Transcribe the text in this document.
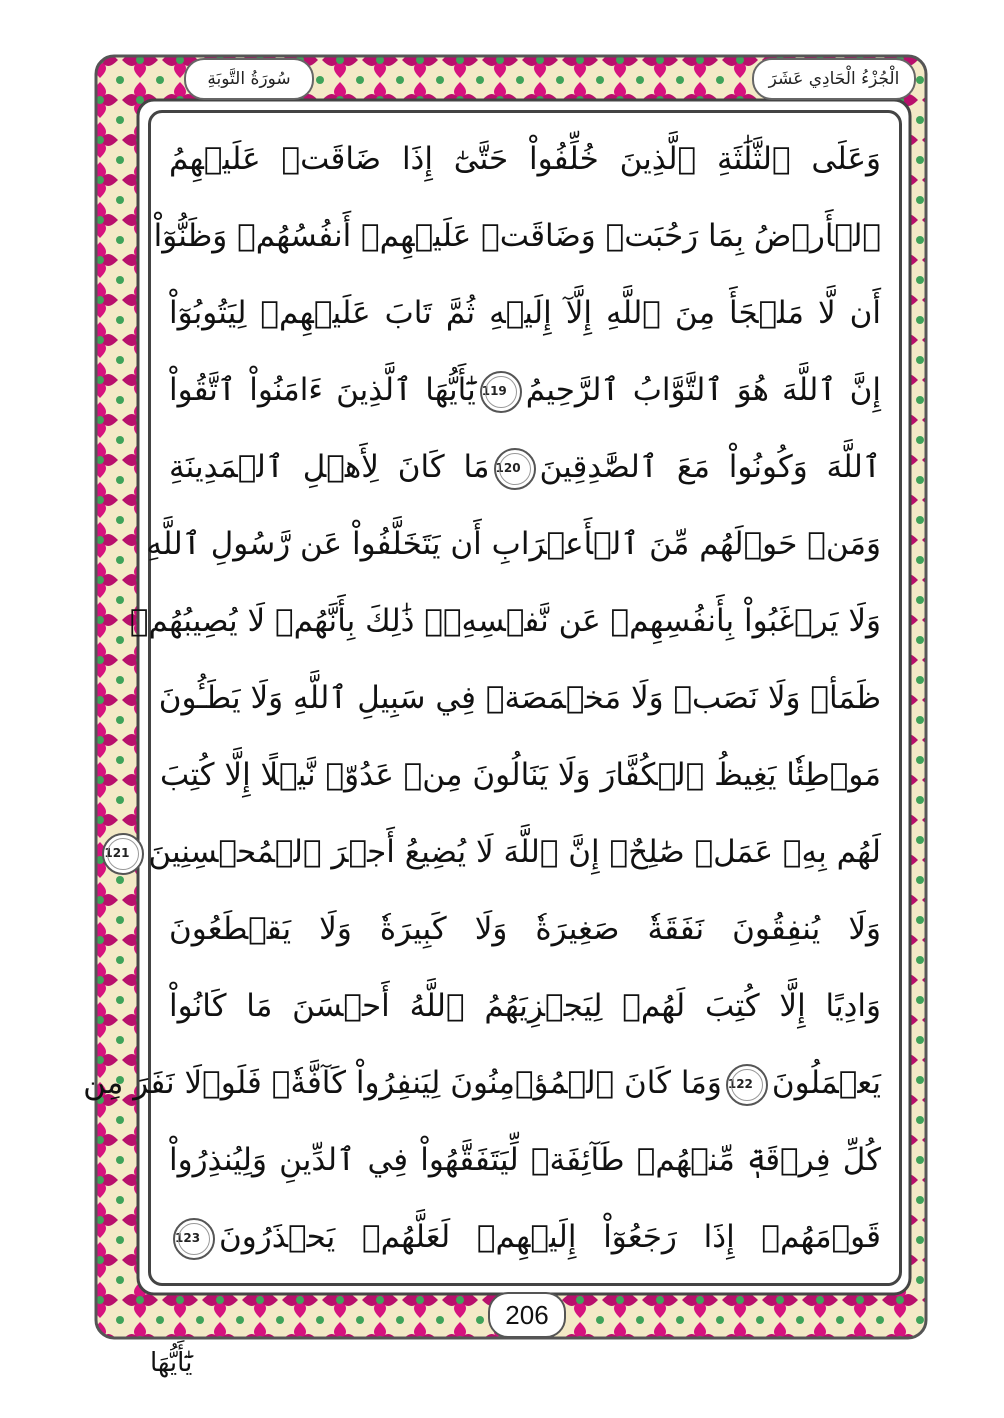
الْجُزْءُ الْحَادِي عَشَرَ
سُورَةُ التَّوبَةِ
وَعَلَى ٱلثَّلَٰثَةِ ٱلَّذِينَ خُلِّفُواْ حَتَّىٰٓ إِذَا ضَاقَتۡ عَلَيۡهِمُ
ٱلۡأَرۡضُ بِمَا رَحُبَتۡ وَضَاقَتۡ عَلَيۡهِمۡ أَنفُسُهُمۡ وَظَنُّوٓاْ
أَن لَّا مَلۡجَأَ مِنَ ٱللَّهِ إِلَّآ إِلَيۡهِ ثُمَّ تَابَ عَلَيۡهِمۡ لِيَتُوبُوٓاْ
إِنَّ ٱللَّهَ هُوَ ٱلتَّوَّابُ ٱلرَّحِيمُ119يَٰٓأَيُّهَا ٱلَّذِينَ ءَامَنُواْ ٱتَّقُواْ
ٱللَّهَ وَكُونُواْ مَعَ ٱلصَّٰدِقِينَ120مَا كَانَ لِأَهۡلِ ٱلۡمَدِينَةِ
وَمَنۡ حَوۡلَهُم مِّنَ ٱلۡأَعۡرَابِ أَن يَتَخَلَّفُواْ عَن رَّسُولِ ٱللَّهِ
وَلَا يَرۡغَبُواْ بِأَنفُسِهِمۡ عَن نَّفۡسِهِۦۚ ذَٰلِكَ بِأَنَّهُمۡ لَا يُصِيبُهُمۡ
ظَمَأٞ وَلَا نَصَبٞ وَلَا مَخۡمَصَةٞ فِي سَبِيلِ ٱللَّهِ وَلَا يَطَـُٔونَ
مَوۡطِئٗا يَغِيظُ ٱلۡكُفَّارَ وَلَا يَنَالُونَ مِنۡ عَدُوّٖ نَّيۡلًا إِلَّا كُتِبَ
لَهُم بِهِۦ عَمَلٞ صَٰلِحٌۚ إِنَّ ٱللَّهَ لَا يُضِيعُ أَجۡرَ ٱلۡمُحۡسِنِينَ121
وَلَا يُنفِقُونَ نَفَقَةٗ صَغِيرَةٗ وَلَا كَبِيرَةٗ وَلَا يَقۡطَعُونَ
وَادِيًا إِلَّا كُتِبَ لَهُمۡ لِيَجۡزِيَهُمُ ٱللَّهُ أَحۡسَنَ مَا كَانُواْ
يَعۡمَلُونَ122وَمَا كَانَ ٱلۡمُؤۡمِنُونَ لِيَنفِرُواْ كَآفَّةٗۚ فَلَوۡلَا نَفَرَ مِن
كُلِّ فِرۡقَةٖ مِّنۡهُمۡ طَآئِفَةٞ لِّيَتَفَقَّهُواْ فِي ٱلدِّينِ وَلِيُنذِرُواْ
قَوۡمَهُمۡ إِذَا رَجَعُوٓاْ إِلَيۡهِمۡ لَعَلَّهُمۡ يَحۡذَرُونَ123
206
يَٰٓأَيُّهَا
